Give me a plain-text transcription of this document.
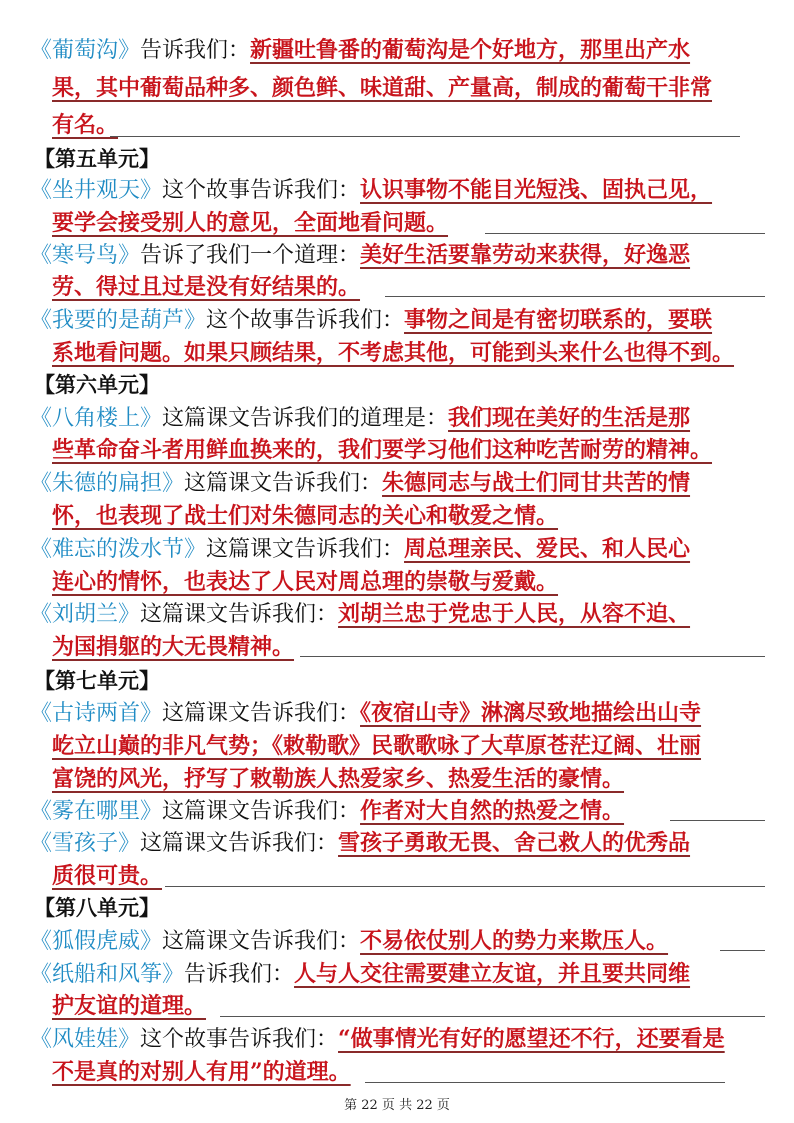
《葡萄沟》告诉我们：新疆吐鲁番的葡萄沟是个好地方，那里出产水
果，其中葡萄品种多、颜色鲜、味道甜、产量高，制成的葡萄干非常
有名。
【第五单元】
《坐井观天》这个故事告诉我们：认识事物不能目光短浅、固执己见，
要学会接受别人的意见，全面地看问题。
《寒号鸟》告诉了我们一个道理：美好生活要靠劳动来获得，好逸恶
劳、得过且过是没有好结果的。
《我要的是葫芦》这个故事告诉我们：事物之间是有密切联系的，要联
系地看问题。如果只顾结果，不考虑其他，可能到头来什么也得不到。
【第六单元】
《八角楼上》这篇课文告诉我们的道理是：我们现在美好的生活是那
些革命奋斗者用鲜血换来的，我们要学习他们这种吃苦耐劳的精神。
《朱德的扁担》这篇课文告诉我们：朱德同志与战士们同甘共苦的情
怀，也表现了战士们对朱德同志的关心和敬爱之情。
《难忘的泼水节》这篇课文告诉我们：周总理亲民、爱民、和人民心
连心的情怀，也表达了人民对周总理的崇敬与爱戴。
《刘胡兰》这篇课文告诉我们：刘胡兰忠于党忠于人民，从容不迫、
为国捐躯的大无畏精神。
【第七单元】
《古诗两首》这篇课文告诉我们：《夜宿山寺》淋漓尽致地描绘出山寺
屹立山巅的非凡气势；《敕勒歌》民歌歌咏了大草原苍茫辽阔、壮丽
富饶的风光，抒写了敕勒族人热爱家乡、热爱生活的豪情。
《雾在哪里》这篇课文告诉我们：作者对大自然的热爱之情。
《雪孩子》这篇课文告诉我们：雪孩子勇敢无畏、舍己救人的优秀品
质很可贵。
【第八单元】
《狐假虎威》这篇课文告诉我们：不易依仗别人的势力来欺压人。
《纸船和风筝》告诉我们：人与人交往需要建立友谊，并且要共同维
护友谊的道理。
《风娃娃》这个故事告诉我们：“做事情光有好的愿望还不行，还要看是
不是真的对别人有用”的道理。
第 22 页 共 22 页
